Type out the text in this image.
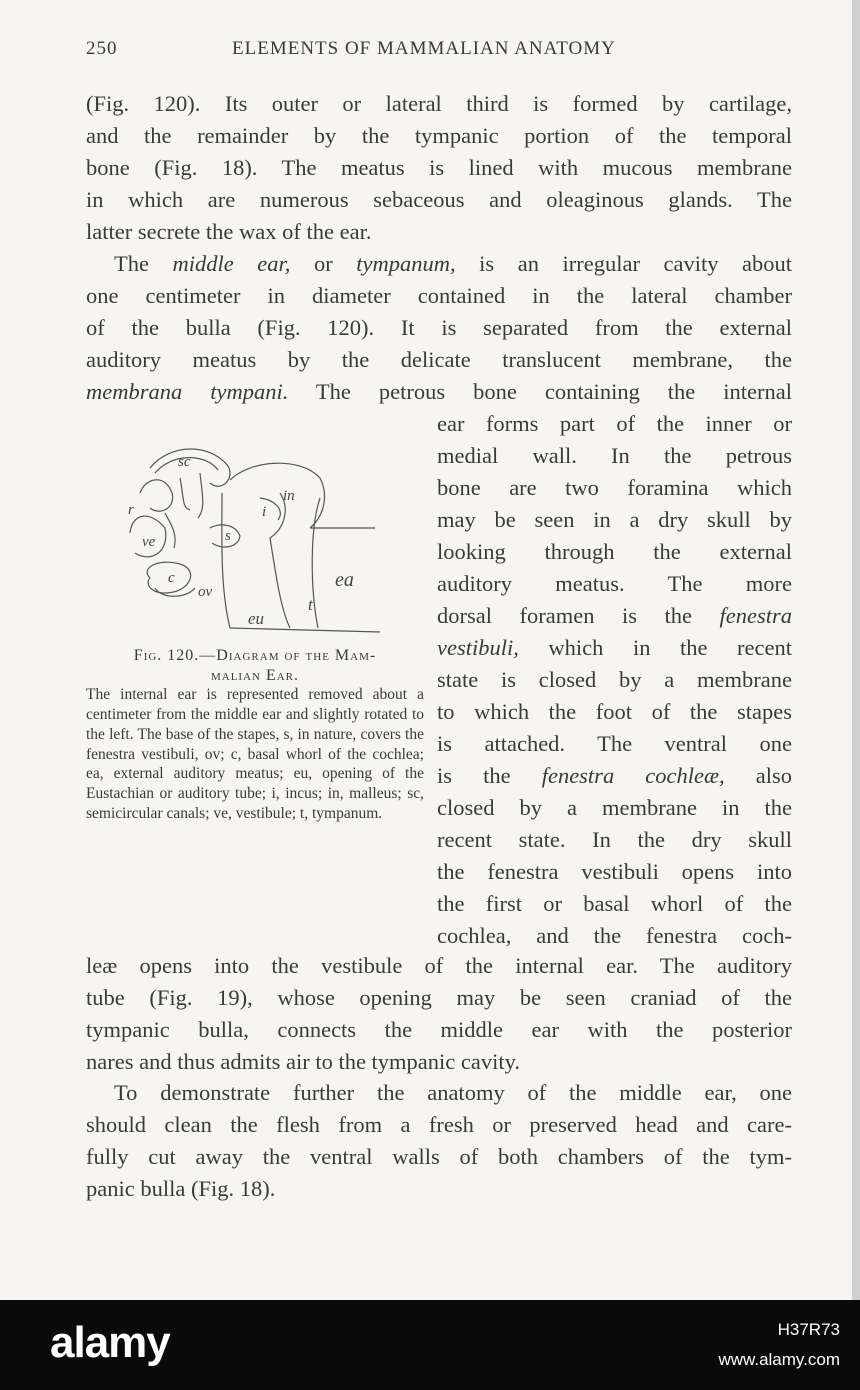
250	ELEMENTS OF MAMMALIAN ANATOMY

(Fig. 120). Its outer or lateral third is formed by cartilage,
and the remainder by the tympanic portion of the temporal
bone (Fig. 18). The meatus is lined with mucous membrane
in which are numerous sebaceous and oleaginous glands. The
latter secrete the wax of the ear.

The middle ear, or tympanum, is an irregular cavity about
one centimeter in diameter contained in the lateral chamber
of the bulla (Fig. 120). It is separated from the external
auditory meatus by the delicate translucent membrane, the
membrana tympani. The petrous bone containing the internal

sc
in
i
s
r
ve
c
ov
ea
eu
t
Fig. 120.—Diagram of the Mam-
malian Ear.
The internal ear is represented removed about a centimeter from the middle ear and slightly rotated to the left. The base of the stapes, s, in nature, covers the fenestra vestibuli, ov; c, basal whorl of the cochlea; ea, external auditory meatus; eu, opening of the Eustachian or auditory tube; i, incus; in, malleus; sc, semicircular canals; ve, vestibule; t, tympanum.

ear forms part of the inner or
medial wall. In the petrous
bone are two foramina which
may be seen in a dry skull by
looking through the external
auditory meatus. The more
dorsal foramen is the fenestra
vestibuli, which in the recent
state is closed by a membrane
to which the foot of the stapes
is attached. The ventral one
is the fenestra cochleæ, also
closed by a membrane in the
recent state. In the dry skull
the fenestra vestibuli opens into
the first or basal whorl of the
cochlea, and the fenestra coch-

leæ opens into the vestibule of the internal ear. The auditory
tube (Fig. 19), whose opening may be seen craniad of the
tympanic bulla, connects the middle ear with the posterior
nares and thus admits air to the tympanic cavity.

To demonstrate further the anatomy of the middle ear, one
should clean the flesh from a fresh or preserved head and care-
fully cut away the ventral walls of both chambers of the tym-
panic bulla (Fig. 18).

alamy	H37R73
www.alamy.com
